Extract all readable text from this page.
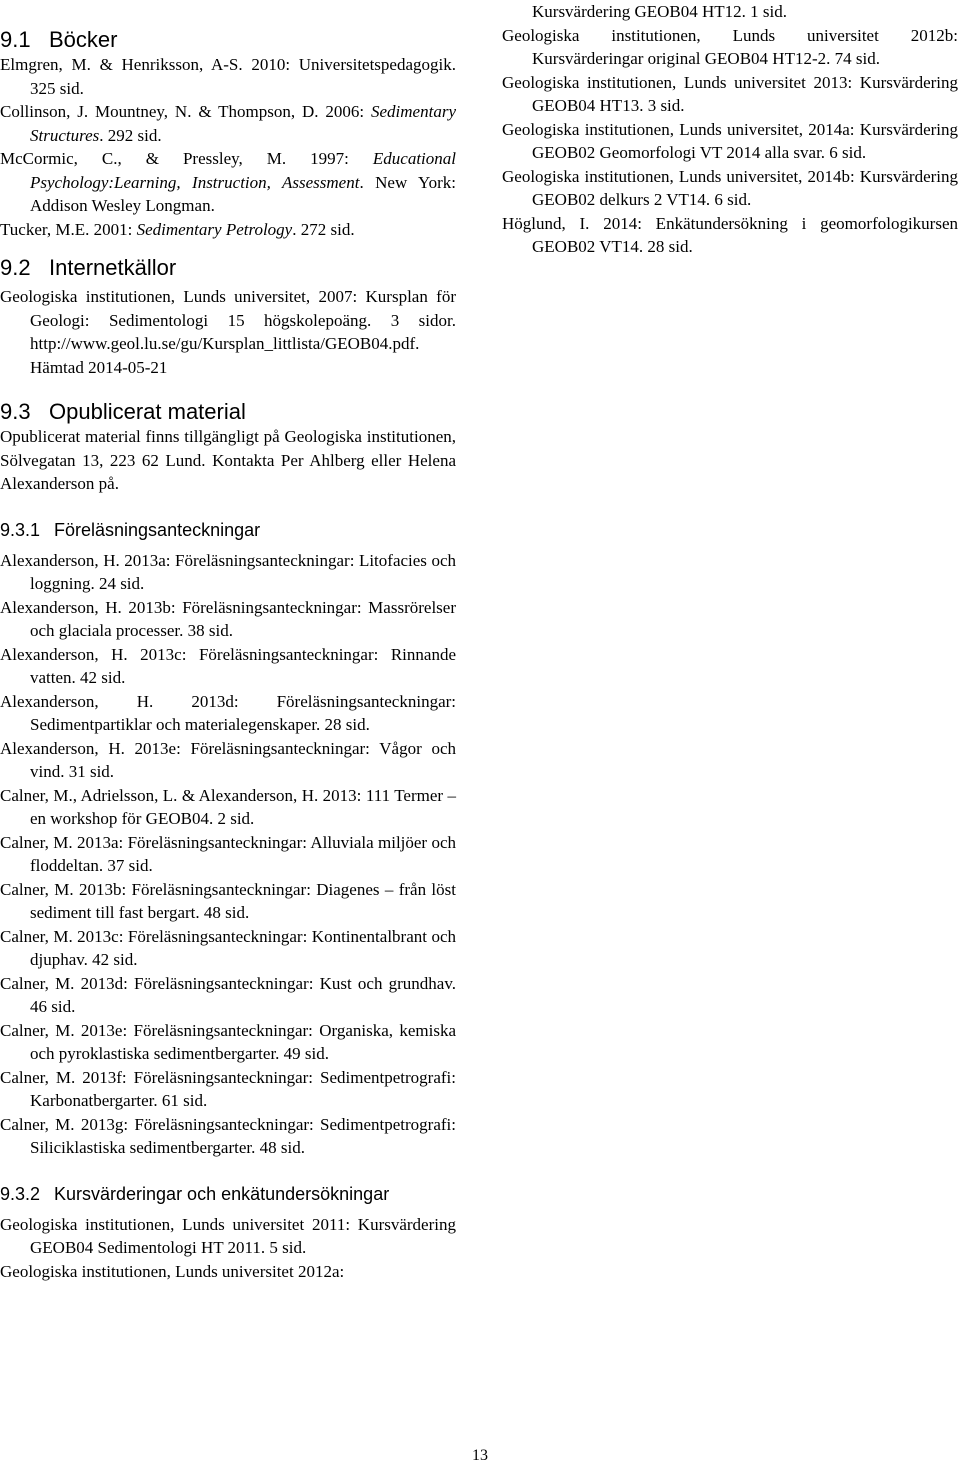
9.1 Böcker

Elmgren, M. & Henriksson, A-S. 2010: Universitetspedagogik. 325 sid.

Collinson, J. Mountney, N. & Thompson, D. 2006: Sedimentary Structures. 292 sid.

McCormic, C., & Pressley, M. 1997: Educational Psychology:Learning, Instruction, Assessment. New York: Addison Wesley Longman.

Tucker, M.E. 2001: Sedimentary Petrology. 272 sid.

9.2 Internetkällor

Geologiska institutionen, Lunds universitet, 2007: Kursplan för Geologi: Sedimentologi 15 högskolepoäng. 3 sidor. http://www.geol.lu.se/gu/Kursplan_littlista/GEOB04.pdf. Hämtad 2014-05-21

9.3 Opublicerat material

Opublicerat material finns tillgängligt på Geologiska institutionen, Sölvegatan 13, 223 62 Lund. Kontakta Per Ahlberg eller Helena Alexanderson på.

9.3.1 Föreläsningsanteckningar

Alexanderson, H. 2013a: Föreläsningsanteckningar: Litofacies och loggning. 24 sid.

Alexanderson, H. 2013b: Föreläsningsanteckningar: Massrörelser och glaciala processer. 38 sid.

Alexanderson, H. 2013c: Föreläsningsanteckningar: Rinnande vatten. 42 sid.

Alexanderson, H. 2013d: Föreläsningsanteckningar: Sedimentpartiklar och materialegenskaper. 28 sid.

Alexanderson, H. 2013e: Föreläsningsanteckningar: Vågor och vind. 31 sid.

Calner, M., Adrielsson, L. & Alexanderson, H. 2013: 111 Termer – en workshop för GEOB04. 2 sid.

Calner, M. 2013a: Föreläsningsanteckningar: Alluviala miljöer och floddeltan. 37 sid.

Calner, M. 2013b: Föreläsningsanteckningar: Diagenes – från löst sediment till fast bergart. 48 sid.

Calner, M. 2013c: Föreläsningsanteckningar: Kontinentalbrant och djuphav. 42 sid.

Calner, M. 2013d: Föreläsningsanteckningar: Kust och grundhav. 46 sid.

Calner, M. 2013e: Föreläsningsanteckningar: Organiska, kemiska och pyroklastiska sedimentbergarter. 49 sid.

Calner, M. 2013f: Föreläsningsanteckningar: Sedimentpetrografi: Karbonatbergarter. 61 sid.

Calner, M. 2013g: Föreläsningsanteckningar: Sedimentpetrografi: Siliciklastiska sedimentbergarter. 48 sid.

9.3.2 Kursvärderingar och enkätundersökningar

Geologiska institutionen, Lunds universitet 2011: Kursvärdering GEOB04 Sedimentologi HT 2011. 5 sid.

Geologiska institutionen, Lunds universitet 2012a:

Kursvärdering GEOB04 HT12. 1 sid.

Geologiska institutionen, Lunds universitet 2012b: Kursvärderingar original GEOB04 HT12-2. 74 sid.

Geologiska institutionen, Lunds universitet 2013: Kursvärdering GEOB04 HT13. 3 sid.

Geologiska institutionen, Lunds universitet, 2014a: Kursvärdering GEOB02 Geomorfologi VT 2014 alla svar. 6 sid.

Geologiska institutionen, Lunds universitet, 2014b: Kursvärdering GEOB02 delkurs 2 VT14. 6 sid.

Höglund, I. 2014: Enkätundersökning i geomorfologikursen GEOB02 VT14. 28 sid.

13
